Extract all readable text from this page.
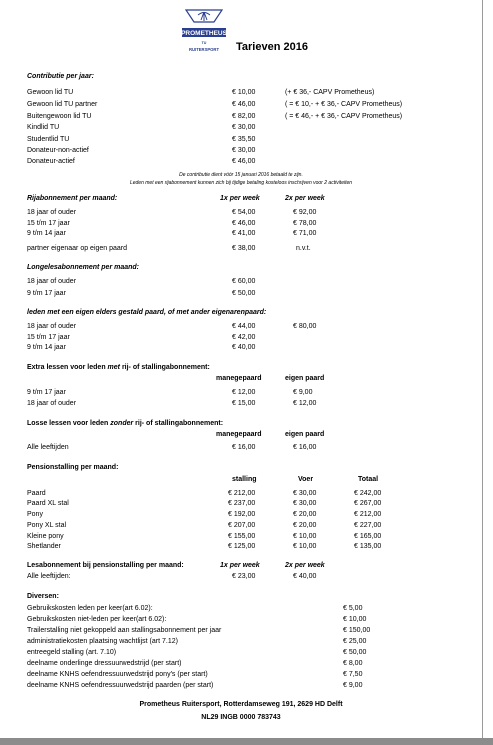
PROMETHEUS
TU
RUITERSPORT Tarieven 2016
Contributie per jaar:
Gewoon lid TU	€ 10,00	(+ € 36,- CAPV Prometheus)
Gewoon lid TU partner	€ 46,00	( = € 10,- + € 36,- CAPV Prometheus)
Buitengewoon lid TU	€ 82,00	( = € 46,- + € 36,- CAPV Prometheus)
Kindlid TU	€ 30,00
Studentlid TU	€ 35,50
Donateur-non-actief	€ 30,00
Donateur-actief	€ 46,00
De contributie dient vóór 15 januari 2016 betaald te zijn.
Leden met een rijabonnement kunnen zich bij tijdige betaling kosteloos inschrijven voor 2 activiteiten
Rijabonnement per maand:	1x per week	2x per week
18 jaar of ouder	€ 54,00	€ 92,00
15 t/m 17 jaar	€ 46,00	€ 78,00
9 t/m 14 jaar	€ 41,00	€ 71,00
partner eigenaar op eigen paard	€ 38,00	n.v.t.
Longelesabonnement per maand:
18 jaar of ouder	€ 60,00
9 t/m 17 jaar	€ 50,00
leden met een eigen elders gestald paard, of met ander eigenarenpaard:
18 jaar of ouder	€ 44,00	€ 80,00
15 t/m 17 jaar	€ 42,00
9 t/m 14 jaar	€ 40,00
Extra lessen voor leden met rij- of stallingabonnement:
manegepaard	eigen paard
9 t/m 17 jaar	€ 12,00	€ 9,00
18 jaar of ouder	€ 15,00	€ 12,00
Losse lessen voor leden zonder rij- of stallingabonnement:
manegepaard	eigen paard
Alle leeftijden	€ 16,00	€ 16,00
Pensionstalling per maand:
stalling	Voer	Totaal
Paard	€ 212,00	€ 30,00	€ 242,00
Paard XL stal	€ 237,00	€ 30,00	€ 267,00
Pony	€ 192,00	€ 20,00	€ 212,00
Pony XL stal	€ 207,00	€ 20,00	€ 227,00
Kleine pony	€ 155,00	€ 10,00	€ 165,00
Shetlander	€ 125,00	€ 10,00	€ 135,00
Lesabonnement bij pensionstalling per maand:	1x per week	2x per week
Alle leeftijden:	€ 23,00	€ 40,00
Diversen:
Gebruikskosten leden per keer(art 6.02):	€ 5,00
Gebruikskosten niet-leden per keer(art 6.02):	€ 10,00
Trailerstalling niet gekoppeld aan stallingsabonnement per jaar	€ 150,00
administratiekosten plaatsing wachtlijst (art 7.12)	€ 25,00
entreegeld stalling (art. 7.10)	€ 50,00
deelname onderlinge dressuurwedstrijd (per start)	€ 8,00
deelname KNHS oefendressuurwedstrijd pony's (per start)	€ 7,50
deelname KNHS oefendressuurwedstrijd paarden (per start)	€ 9,00
Prometheus Ruitersport, Rotterdamseweg 191, 2629 HD Delft
NL29 INGB 0000 783743
